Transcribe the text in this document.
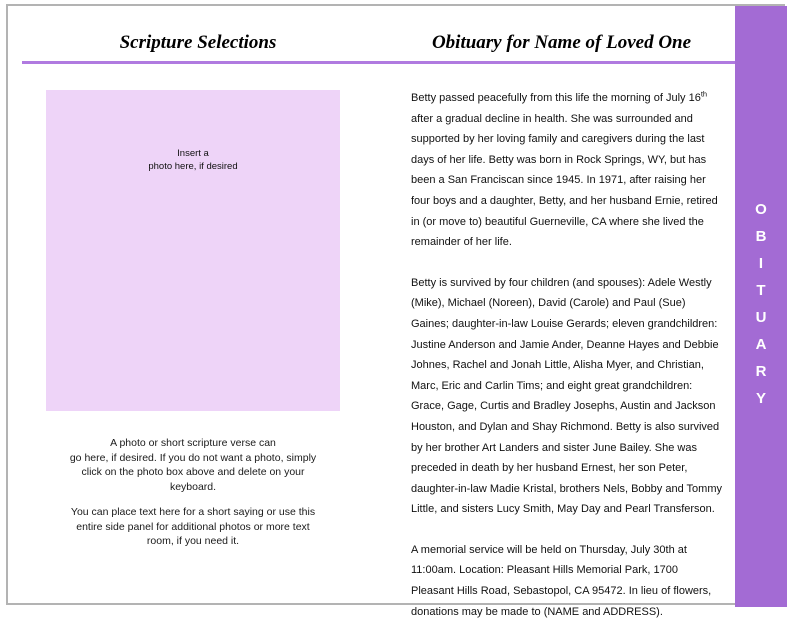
Scripture Selections	Obituary for Name of Loved One
Insert a
photo here, if desired
A photo or short scripture verse can
go here, if desired. If you do not want a photo, simply
click on the photo box above and delete on your
keyboard.
You can place text here for a short saying or use this
entire side panel for additional photos or more text
room, if you need it.

Betty passed peacefully from this life the morning of July 16th after a gradual decline in health. She was surrounded and supported by her loving family and caregivers during the last days of her life. Betty was born in Rock Springs, WY, but has been a San Franciscan since 1945. In 1971, after raising her four boys and a daughter, Betty, and her husband Ernie, retired in (or move to) beautiful Guerneville, CA where she lived the remainder of her life.

Betty is survived by four children (and spouses): Adele Westly (Mike), Michael (Noreen), David (Carole) and Paul (Sue) Gaines; daughter-in-law Louise Gerards; eleven grandchildren: Justine Anderson and Jamie Ander, Deanne Hayes and Debbie Johnes, Rachel and Jonah Little, Alisha Myer, and Christian, Marc, Eric and Carlin Tims; and eight great grandchildren: Grace, Gage, Curtis and Bradley Josephs, Austin and Jackson Houston, and Dylan and Shay Richmond. Betty is also survived by her brother Art Landers and sister June Bailey. She was preceded in death by her husband Ernest, her son Peter, daughter-in-law Madie Kristal, brothers Nels, Bobby and Tommy Little, and sisters Lucy Smith, May Day and Pearl Transferson.

A memorial service will be held on Thursday, July 30th at 11:00am. Location: Pleasant Hills Memorial Park, 1700 Pleasant Hills Road, Sebastopol, CA 95472. In lieu of flowers, donations may be made to (NAME and ADDRESS).

O
B
I
T
U
A
R
Y
